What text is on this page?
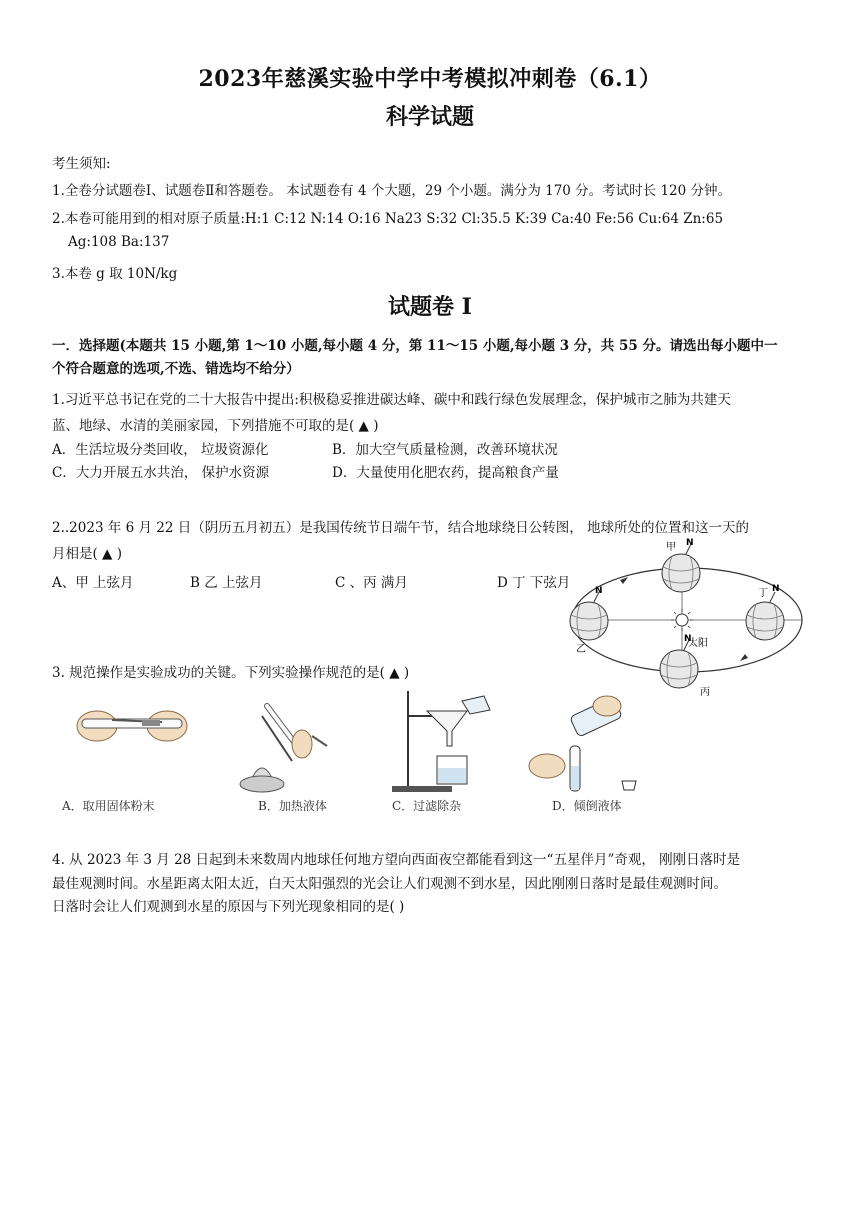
2023年慈溪实验中学中考模拟冲刺卷（6.1）
科学试题
考生须知:
1.全卷分试题卷Ⅰ、试题卷Ⅱ和答题卷。 本试题卷有 4 个大题，29 个小题。满分为 170 分。考试时长 120 分钟。
2.本卷可能用到的相对原子质量:H:1 C:12 N:14 O:16 Na23 S:32 Cl:35.5 K:39 Ca:40 Fe:56 Cu:64 Zn:65
Ag:108 Ba:137
3.本卷 g 取 10N/kg
试题卷 Ⅰ
一．选择题(本题共 15 小题,第 1～10 小题,每小题 4 分，第 11～15 小题,每小题 3 分，共 55 分。请选出每小题中一
个符合题意的选项,不选、错选均不给分）
1.习近平总书记在党的二十大报告中提出:积极稳妥推进碳达峰、碳中和践行绿色发展理念，保护城市之肺为共建天
蓝、地绿、水清的美丽家园，下列措施不可取的是( ▲ )
A．生活垃圾分类回收， 垃圾资源化	B．加大空气质量检测，改善环境状况
C．大力开展五水共治， 保护水资源	D．大量使用化肥农药，提高粮食产量
2..2023 年 6 月 22 日（阴历五月初五）是我国传统节日端午节，结合地球绕日公转图， 地球所处的位置和这一天的
月相是( ▲ )
A、甲 上弦月	B 乙 上弦月	C 、丙 满月	D 丁 下弦月
太阳
甲 N
乙
N
丙
N
丁 N
3. 规范操作是实验成功的关键。下列实验操作规范的是( ▲ )
A．取用固体粉末	B．加热液体	C．过滤除杂	D．倾倒液体
4. 从 2023 年 3 月 28 日起到未来数周内地球任何地方望向西面夜空都能看到这一“五星伴月”奇观， 刚刚日落时是
最佳观测时间。水星距离太阳太近，白天太阳强烈的光会让人们观测不到水星，因此刚刚日落时是最佳观测时间。
日落时会让人们观测到水星的原因与下列光现象相同的是( )
